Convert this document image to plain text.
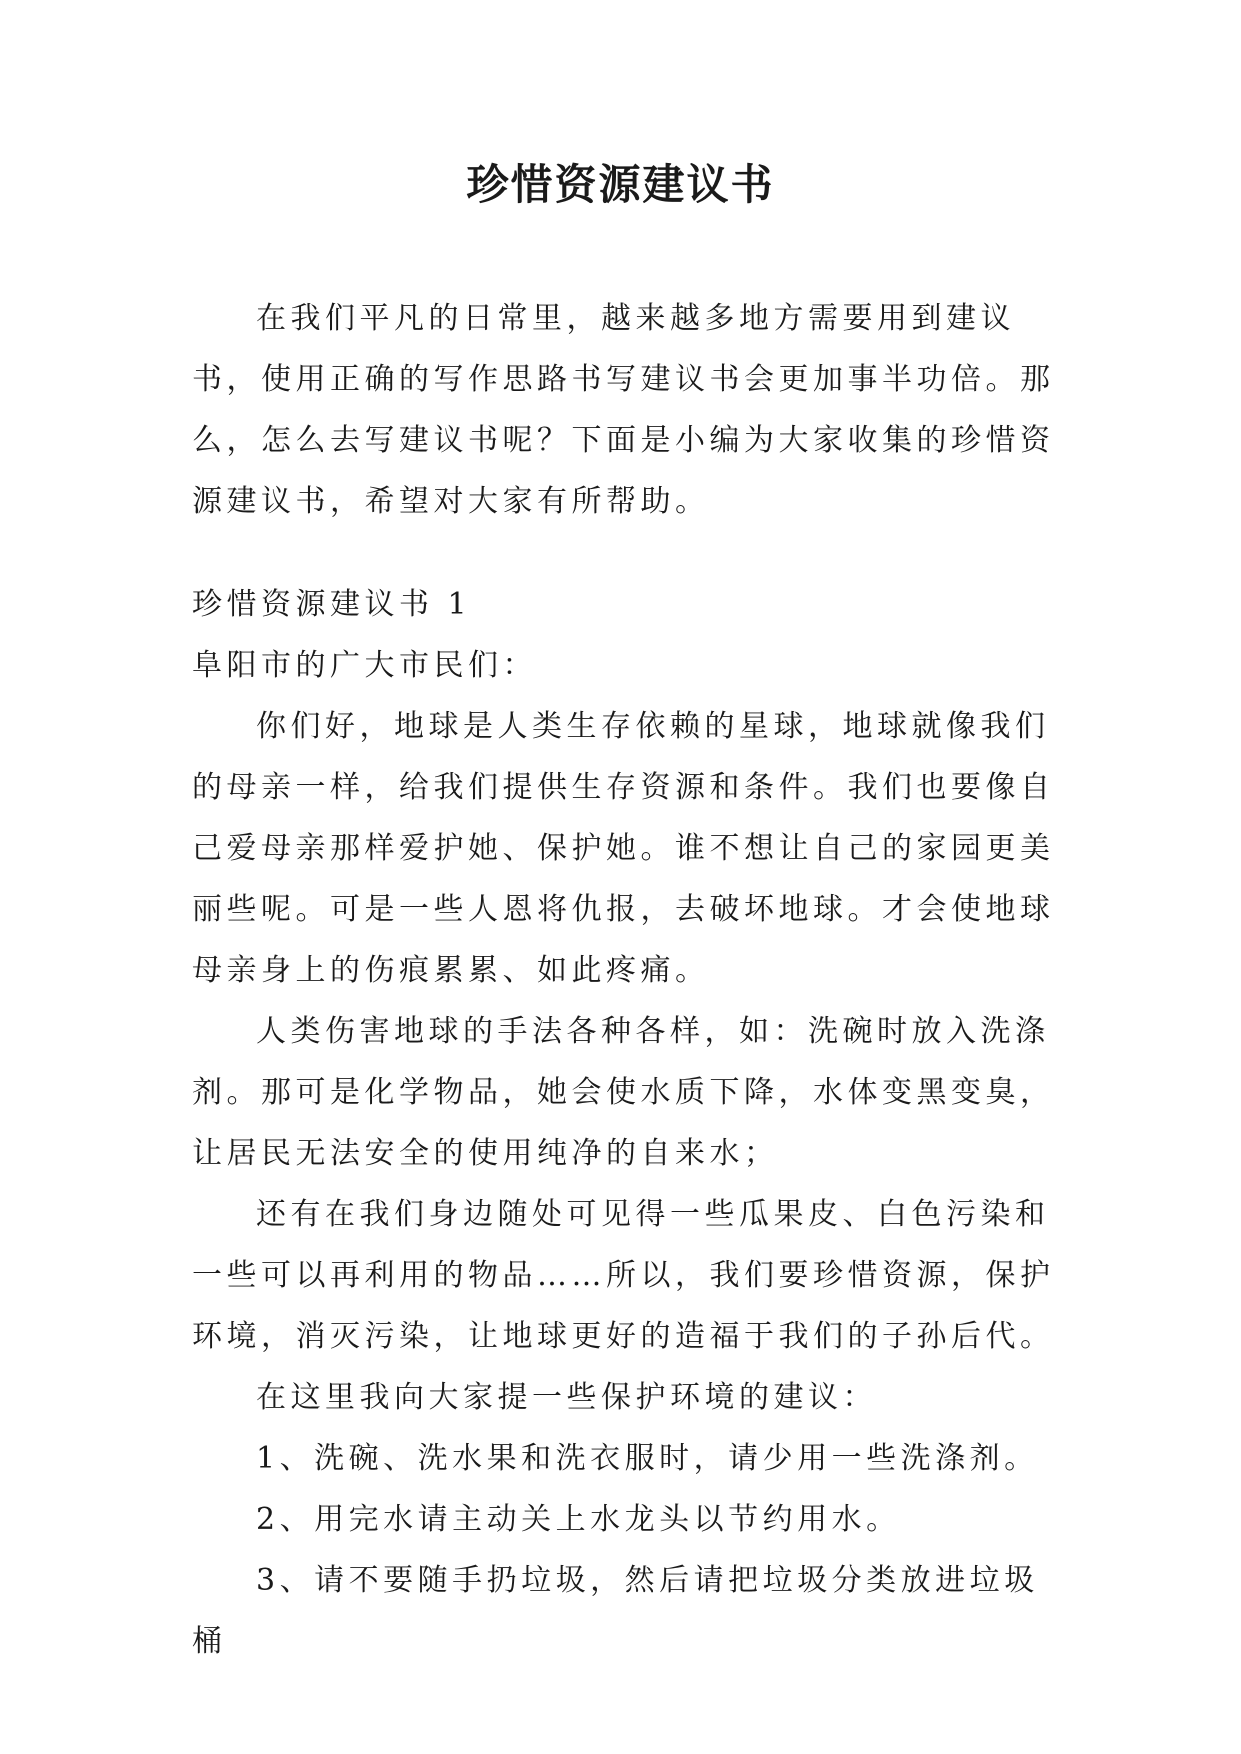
珍惜资源建议书

在我们平凡的日常里，越来越多地方需要用到建议书，使用正确的写作思路书写建议书会更加事半功倍。那么，怎么去写建议书呢？下面是小编为大家收集的珍惜资源建议书，希望对大家有所帮助。

珍惜资源建议书 1
阜阳市的广大市民们：

你们好，地球是人类生存依赖的星球，地球就像我们的母亲一样，给我们提供生存资源和条件。我们也要像自己爱母亲那样爱护她、保护她。谁不想让自己的家园更美丽些呢。可是一些人恩将仇报，去破坏地球。才会使地球母亲身上的伤痕累累、如此疼痛。

人类伤害地球的手法各种各样，如：洗碗时放入洗涤剂。那可是化学物品，她会使水质下降，水体变黑变臭，让居民无法安全的使用纯净的自来水；

还有在我们身边随处可见得一些瓜果皮、白色污染和一些可以再利用的物品……所以，我们要珍惜资源，保护环境，消灭污染，让地球更好的造福于我们的子孙后代。

在这里我向大家提一些保护环境的建议：

1、洗碗、洗水果和洗衣服时，请少用一些洗涤剂。

2、用完水请主动关上水龙头以节约用水。

3、请不要随手扔垃圾，然后请把垃圾分类放进垃圾桶
